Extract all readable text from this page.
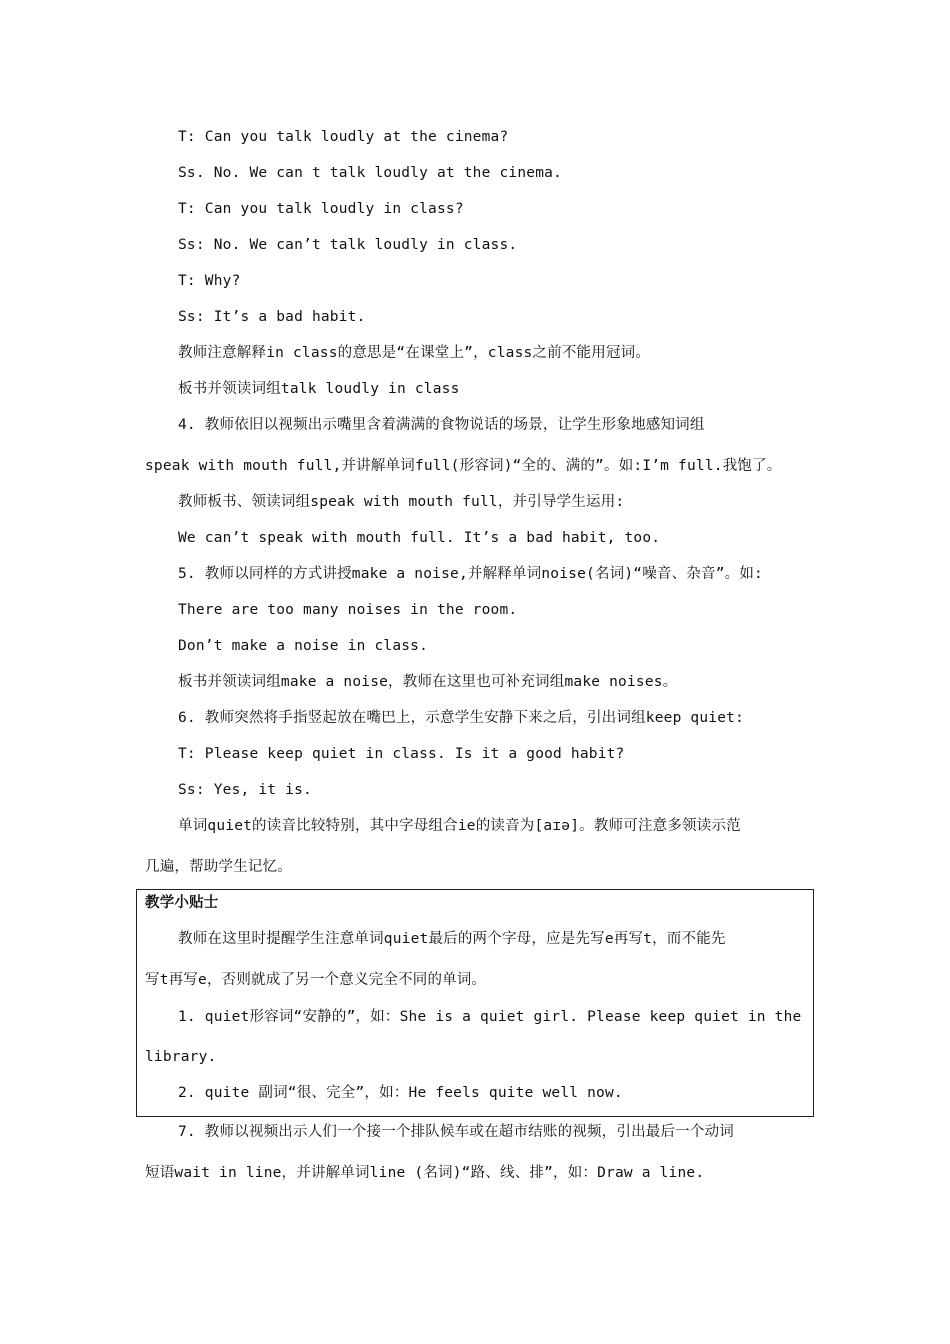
T: Can you talk loudly at the cinema?
Ss. No. We can t talk loudly at the cinema.
T: Can you talk loudly in class?
Ss: No. We can’t talk loudly in class.
T: Why?
Ss: It’s a bad habit.
教师注意解释in class的意思是“在课堂上”，class之前不能用冠词。
板书并领读词组talk loudly in class
4. 教师依旧以视频出示嘴里含着满满的食物说话的场景，让学生形象地感知词组
speak with mouth full,并讲解单词full(形容词)“全的、满的”。如:I’m full.我饱了。
教师板书、领读词组speak with mouth full，并引导学生运用:
We can’t speak with mouth full. It’s a bad habit, too.
5. 教师以同样的方式讲授make a noise,并解释单词noise(名词)“噪音、杂音”。如:
There are too many noises in the room.
Don’t make a noise in class.
板书并领读词组make a noise，教师在这里也可补充词组make noises。
6. 教师突然将手指竖起放在嘴巴上，示意学生安静下来之后，引出词组keep quiet:
T: Please keep quiet in class. Is it a good habit?
Ss: Yes, it is.
单词quiet的读音比较特别，其中字母组合ie的读音为[aɪə]。教师可注意多领读示范
几遍，帮助学生记忆。
教学小贴士
教师在这里时提醒学生注意单词quiet最后的两个字母，应是先写e再写t，而不能先
写t再写e，否则就成了另一个意义完全不同的单词。
1. quiet形容词“安静的”，如：She is a quiet girl. Please keep quiet in the
library.
2. quite 副词“很、完全”，如：He feels quite well now.
7. 教师以视频出示人们一个接一个排队候车或在超市结账的视频，引出最后一个动词
短语wait in line，并讲解单词line (名词)“路、线、排”，如：Draw a line.
